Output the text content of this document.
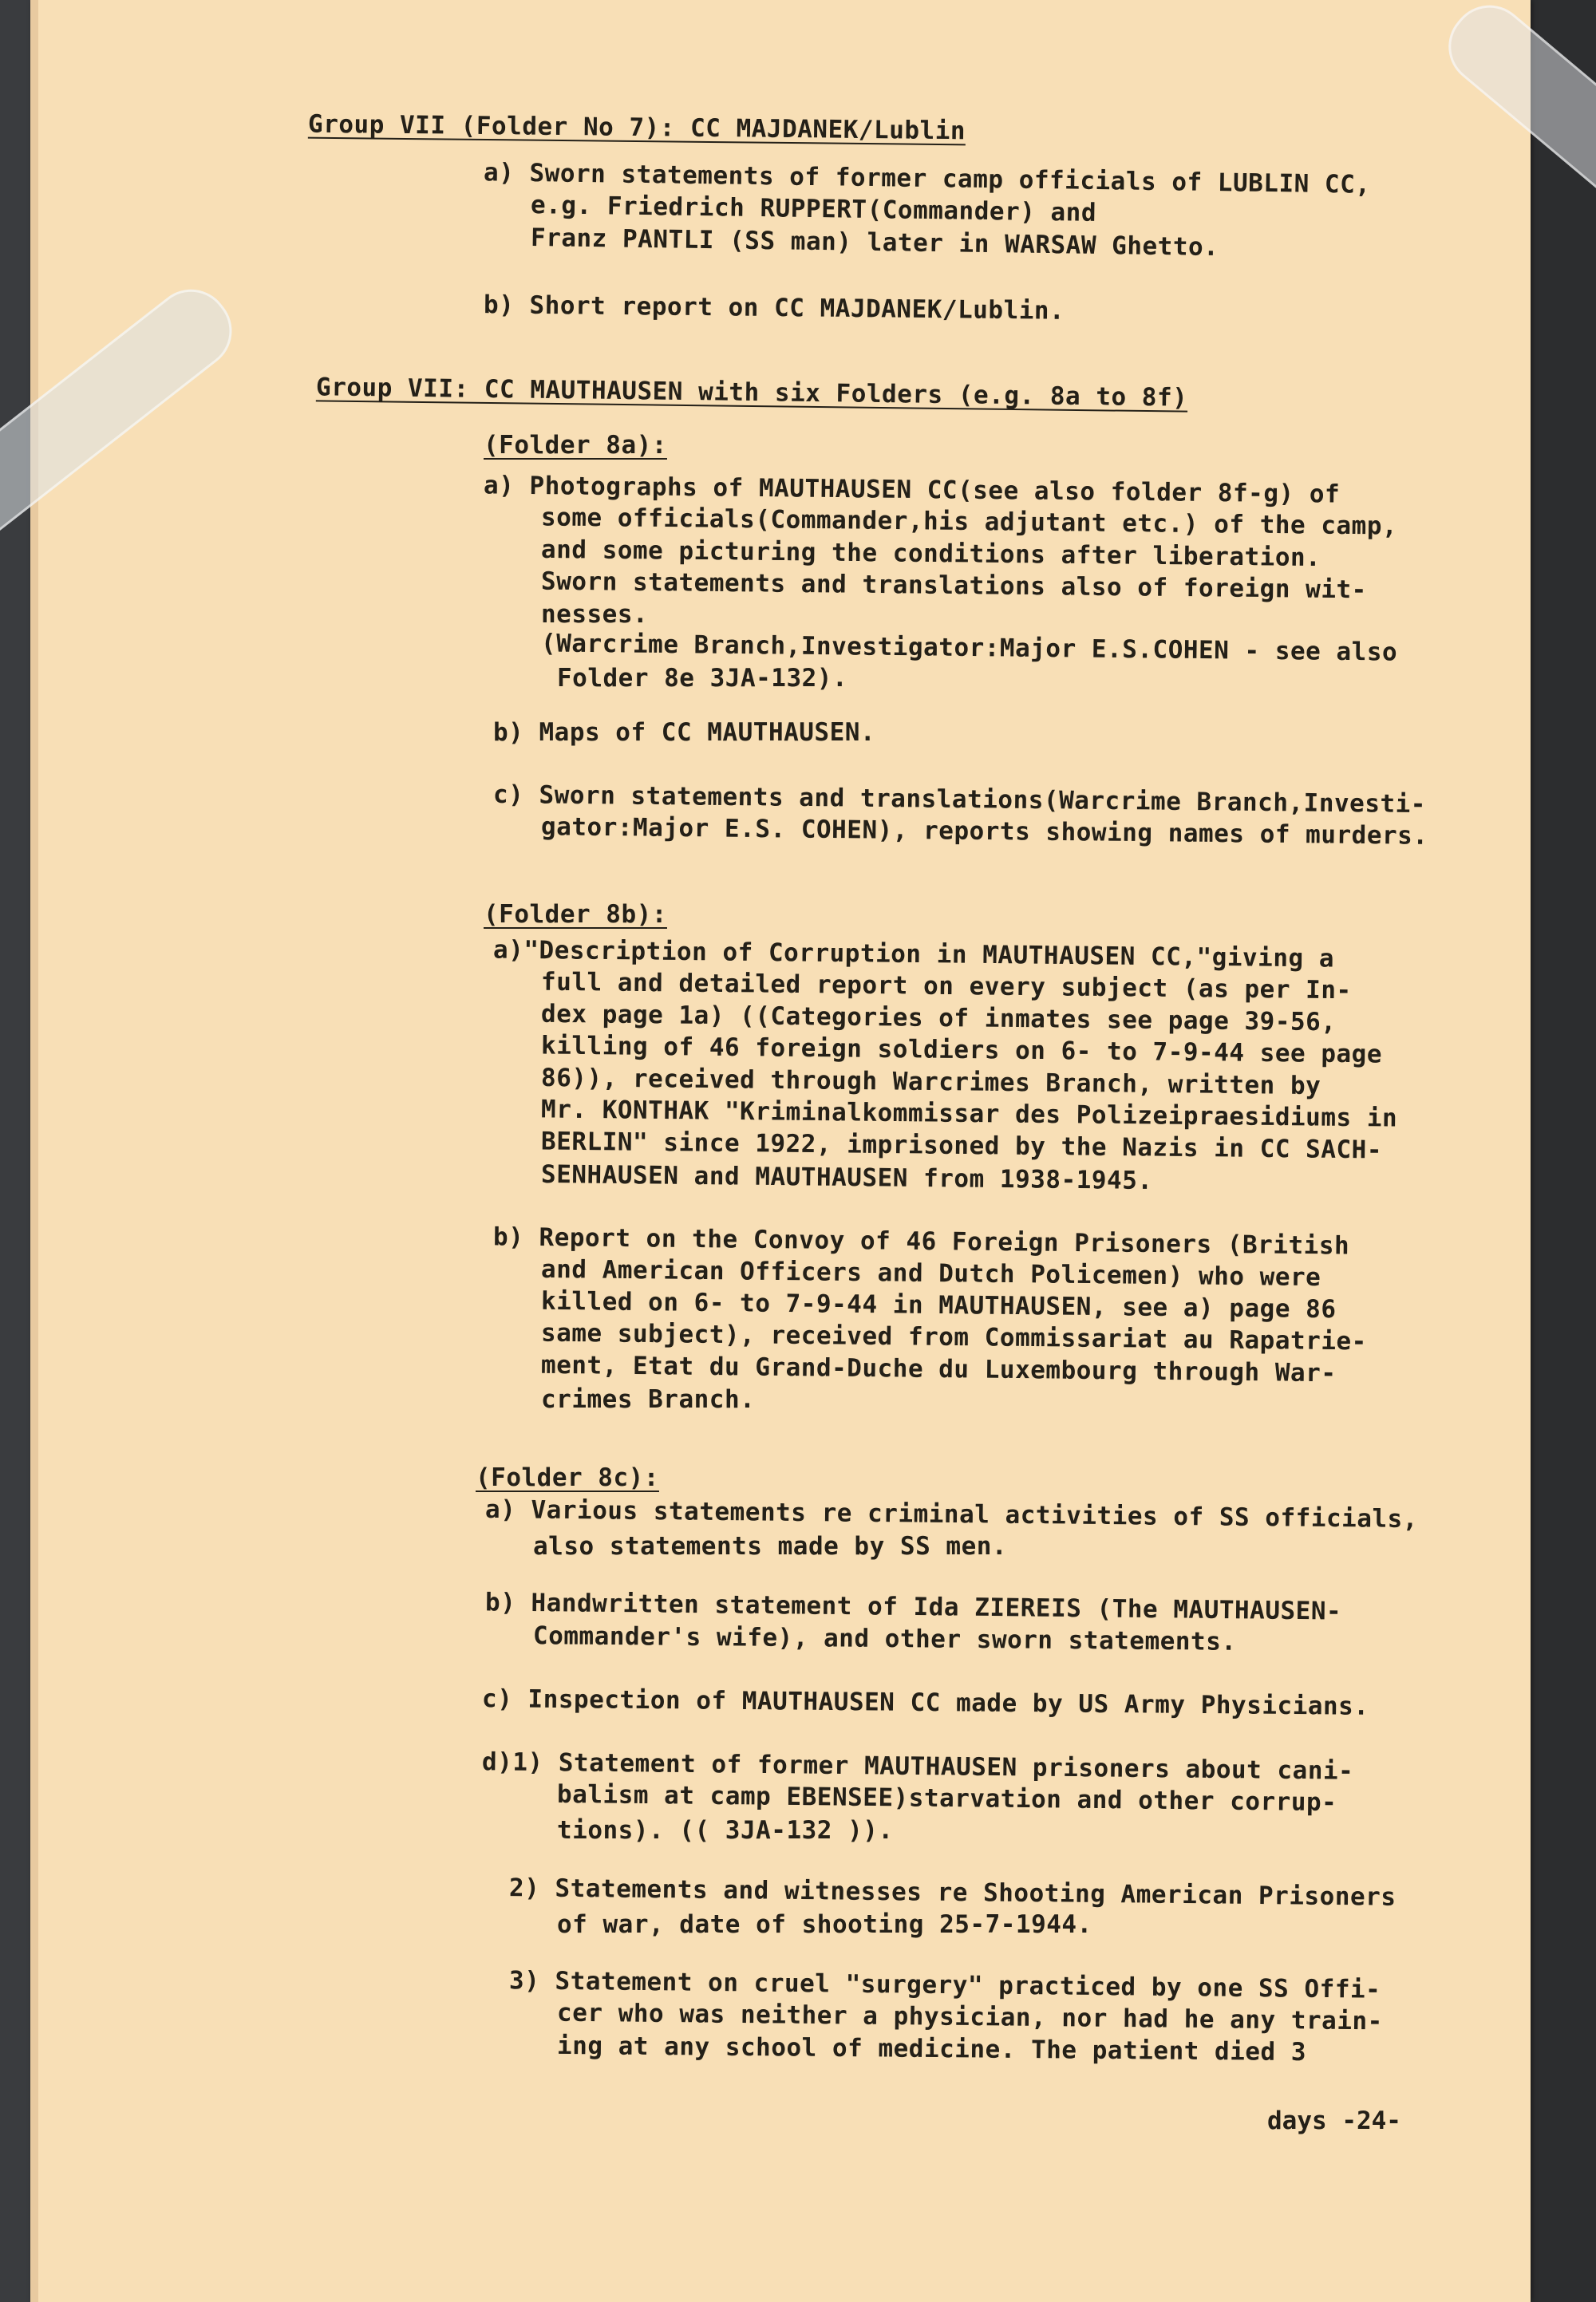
Group VII (Folder No 7): CC MAJDANEK/Lublin

a) Sworn statements of former camp officials of LUBLIN CC,

e.g. Friedrich RUPPERT(Commander) and

Franz PANTLI (SS man) later in WARSAW Ghetto.

b) Short report on CC MAJDANEK/Lublin.

Group VII: CC MAUTHAUSEN with six Folders (e.g. 8a to 8f)

(Folder 8a):

a) Photographs of MAUTHAUSEN CC(see also folder 8f-g) of

some officials(Commander,his adjutant etc.) of the camp,

and some picturing the conditions after liberation.

Sworn statements and translations also of foreign wit-

nesses.

(Warcrime Branch,Investigator:Major E.S.COHEN - see also

Folder 8e 3JA-132).

b) Maps of CC MAUTHAUSEN.

c) Sworn statements and translations(Warcrime Branch,Investi-

gator:Major E.S. COHEN), reports showing names of murders.

(Folder 8b):

a)"Description of Corruption in MAUTHAUSEN CC,"giving a

full and detailed report on every subject (as per In-

dex page 1a) ((Categories of inmates see page 39-56,

killing of 46 foreign soldiers on 6- to 7-9-44 see page

86)), received through Warcrimes Branch, written by

Mr. KONTHAK "Kriminalkommissar des Polizeipraesidiums in

BERLIN" since 1922, imprisoned by the Nazis in CC SACH-

SENHAUSEN and MAUTHAUSEN from 1938-1945.

b) Report on the Convoy of 46 Foreign Prisoners (British

and American Officers and Dutch Policemen) who were

killed on 6- to 7-9-44 in MAUTHAUSEN, see a) page 86

same subject), received from Commissariat au Rapatrie-

ment, Etat du Grand-Duche du Luxembourg through War-

crimes Branch.

(Folder 8c):

a) Various statements re criminal activities of SS officials,

also statements made by SS men.

b) Handwritten statement of Ida ZIEREIS (The MAUTHAUSEN-

Commander's wife), and other sworn statements.

c) Inspection of MAUTHAUSEN CC made by US Army Physicians.

d)1) Statement of former MAUTHAUSEN prisoners about cani-

balism at camp EBENSEE)starvation and other corrup-

tions). (( 3JA-132 )).

2) Statements and witnesses re Shooting American Prisoners

of war, date of shooting 25-7-1944.

3) Statement on cruel "surgery" practiced by one SS Offi-

cer who was neither a physician, nor had he any train-

ing at any school of medicine. The patient died 3

days -24-
